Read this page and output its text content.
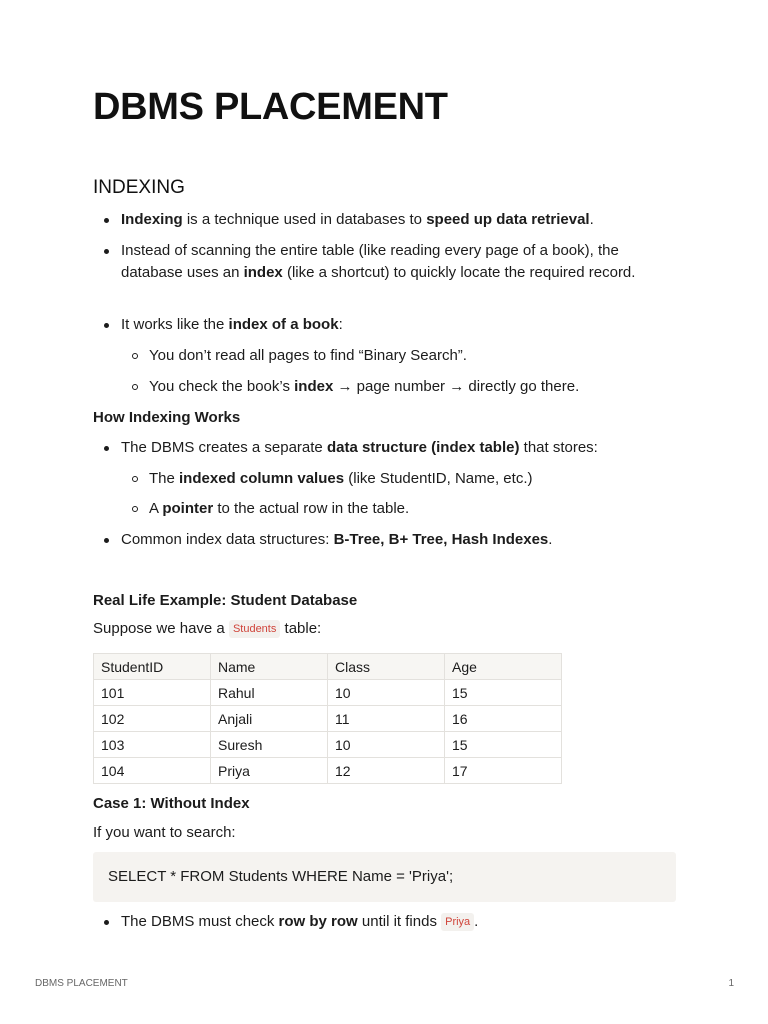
DBMS PLACEMENT
INDEXING
Indexing is a technique used in databases to speed up data retrieval.
Instead of scanning the entire table (like reading every page of a book), the database uses an index (like a shortcut) to quickly locate the required record.
It works like the index of a book:
You don’t read all pages to find “Binary Search”.
You check the book’s index → page number → directly go there.
How Indexing Works
The DBMS creates a separate data structure (index table) that stores:
The indexed column values (like StudentID, Name, etc.)
A pointer to the actual row in the table.
Common index data structures: B-Tree, B+ Tree, Hash Indexes.
Real Life Example: Student Database
Suppose we have a Students table:
StudentID	Name	Class	Age
101	Rahul	10	15
102	Anjali	11	16
103	Suresh	10	15
104	Priya	12	17
Case 1: Without Index
If you want to search:
SELECT * FROM Students WHERE Name = 'Priya';
The DBMS must check row by row until it finds Priya .
DBMS PLACEMENT	1
